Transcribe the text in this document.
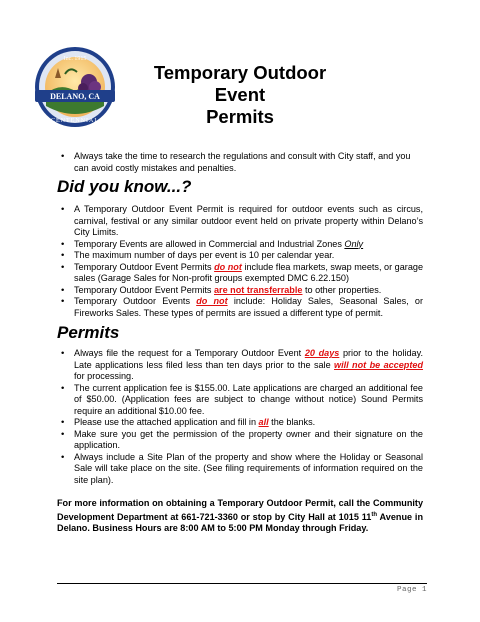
DELANO, CA
Inc. 1915
CENTENNIAL
Temporary Outdoor Event
Permits
• Always take the time to research the regulations and consult with City staff, and you can avoid costly mistakes and penalties.
Did you know...?
• A Temporary Outdoor Event Permit is required for outdoor events such as circus, carnival, festival or any similar outdoor event held on private property within Delano’s City Limits.
• Temporary Events are allowed in Commercial and Industrial Zones Only
• The maximum number of days per event is 10 per calendar year.
• Temporary Outdoor Event Permits do not include flea markets, swap meets, or garage sales (Garage Sales for Non-profit groups exempted DMC 6.22.150)
• Temporary Outdoor Event Permits are not transferrable to other properties.
• Temporary Outdoor Events do not include: Holiday Sales, Seasonal Sales, or Fireworks Sales. These types of permits are issued a different type of permit.
Permits
• Always file the request for a Temporary Outdoor Event 20 days prior to the holiday. Late applications less filed less than ten days prior to the sale will not be accepted for processing.
• The current application fee is $155.00. Late applications are charged an additional fee of $50.00. (Application fees are subject to change without notice) Sound Permits require an additional $10.00 fee.
• Please use the attached application and fill in all the blanks.
• Make sure you get the permission of the property owner and their signature on the application.
• Always include a Site Plan of the property and show where the Holiday or Seasonal Sale will take place on the site. (See filing requirements of information required on the site plan).

For more information on obtaining a Temporary Outdoor Permit, call the Community Development Department at 661-721-3360 or stop by City Hall at 1015 11th Avenue in Delano. Business Hours are 8:00 AM to 5:00 PM Monday through Friday.

Page 1
